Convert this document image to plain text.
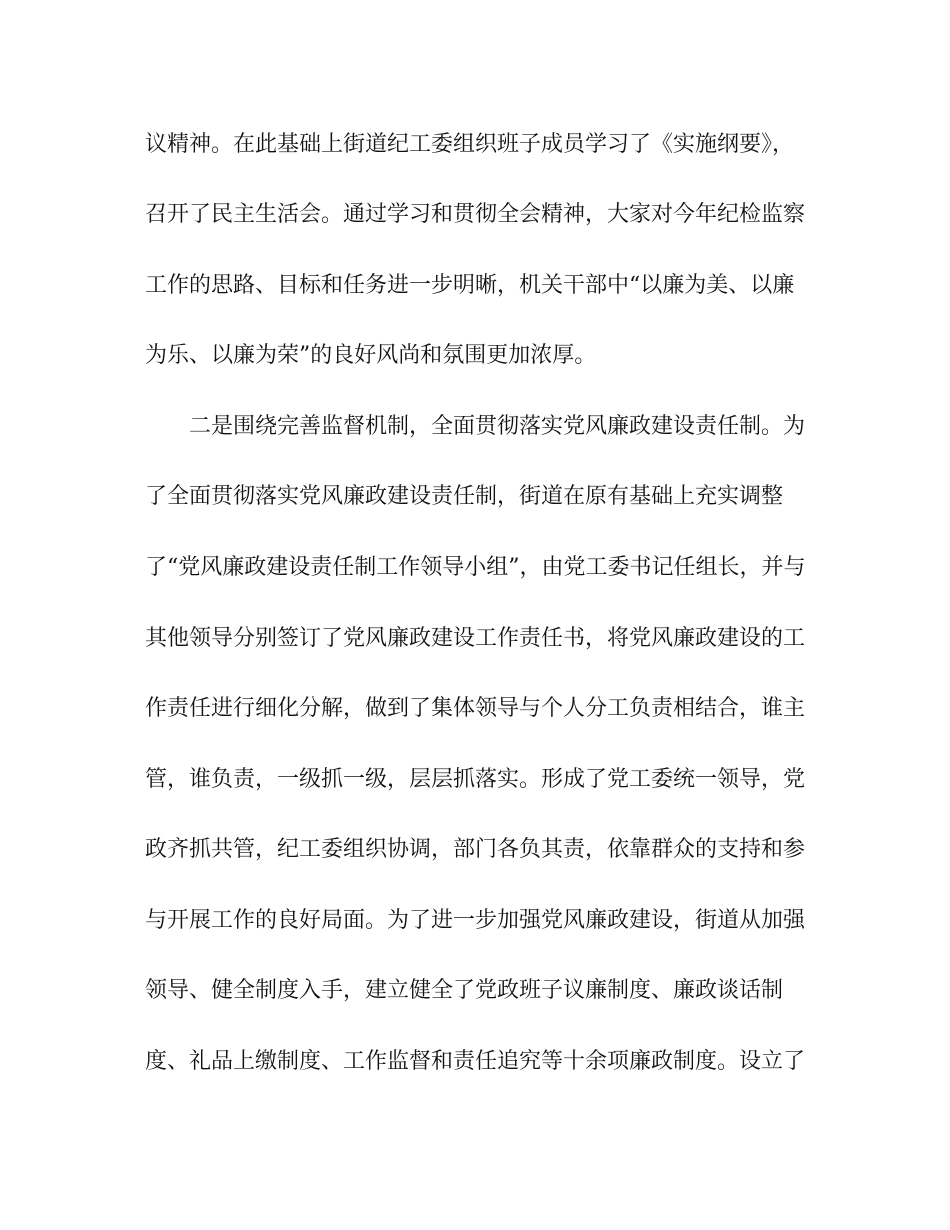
议精神。在此基础上街道纪工委组织班子成员学习了《实施纲要》，
召开了民主生活会。通过学习和贯彻全会精神，大家对今年纪检监察
工作的思路、目标和任务进一步明晰，机关干部中“以廉为美、以廉
为乐、以廉为荣”的良好风尚和氛围更加浓厚。
二是围绕完善监督机制，全面贯彻落实党风廉政建设责任制。为
了全面贯彻落实党风廉政建设责任制，街道在原有基础上充实调整
了“党风廉政建设责任制工作领导小组”，由党工委书记任组长，并与
其他领导分别签订了党风廉政建设工作责任书，将党风廉政建设的工
作责任进行细化分解，做到了集体领导与个人分工负责相结合，谁主
管，谁负责，一级抓一级，层层抓落实。形成了党工委统一领导，党
政齐抓共管，纪工委组织协调，部门各负其责，依靠群众的支持和参
与开展工作的良好局面。为了进一步加强党风廉政建设，街道从加强
领导、健全制度入手，建立健全了党政班子议廉制度、廉政谈话制
度、礼品上缴制度、工作监督和责任追究等十余项廉政制度。设立了
